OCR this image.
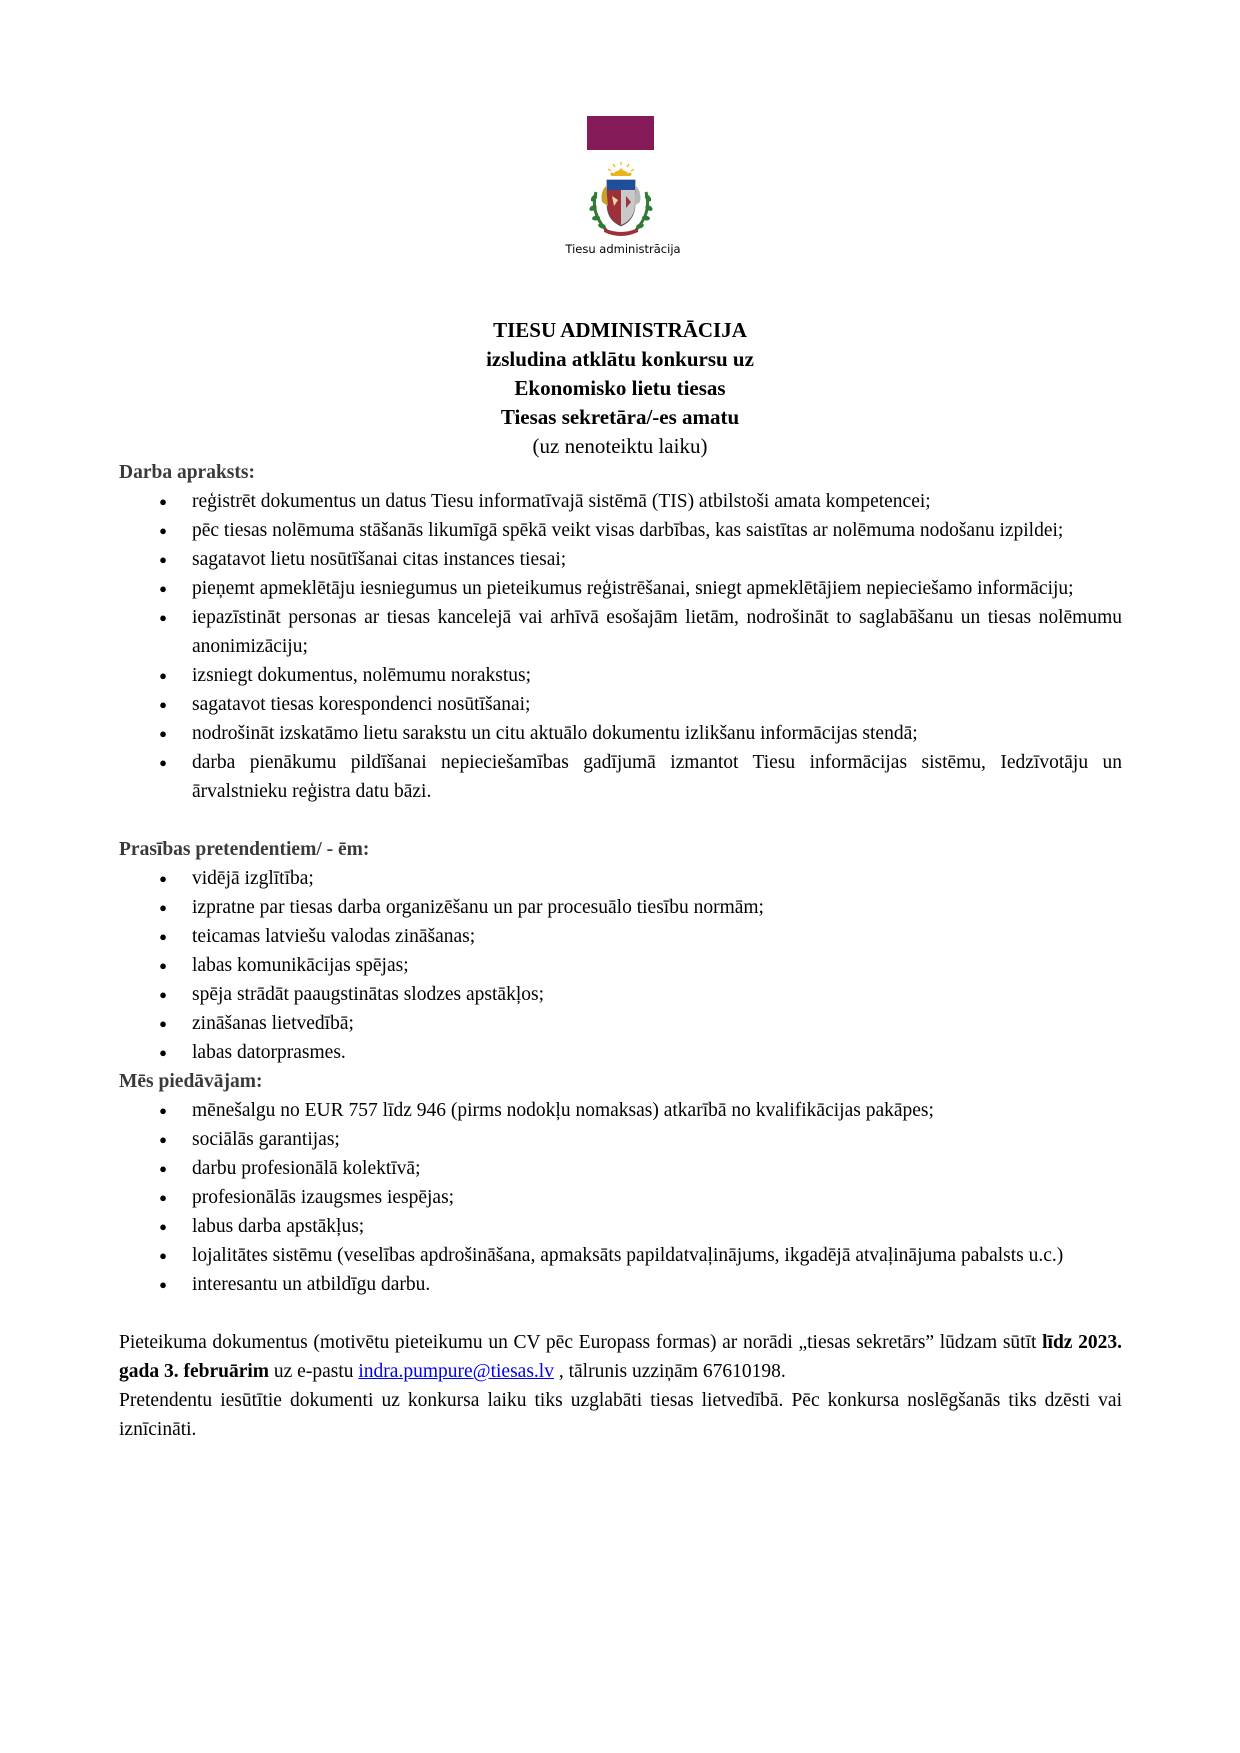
Tiesu administrācija
TIESU ADMINISTRĀCIJA
izsludina atklātu konkursu uz
Ekonomisko lietu tiesas
Tiesas sekretāra/-es amatu
(uz nenoteiktu laiku)

Darba apraksts:

● reģistrēt dokumentus un datus Tiesu informatīvajā sistēmā (TIS) atbilstoši amata kompetencei;
● pēc tiesas nolēmuma stāšanās likumīgā spēkā veikt visas darbības, kas saistītas ar nolēmuma nodošanu izpildei;
● sagatavot lietu nosūtīšanai citas instances tiesai;
● pieņemt apmeklētāju iesniegumus un pieteikumus reģistrēšanai, sniegt apmeklētājiem nepieciešamo informāciju;
● iepazīstināt personas ar tiesas kancelejā vai arhīvā esošajām lietām, nodrošināt to saglabāšanu un tiesas nolēmumu anonimizāciju;
● izsniegt dokumentus, nolēmumu norakstus;
● sagatavot tiesas korespondenci nosūtīšanai;
● nodrošināt izskatāmo lietu sarakstu un citu aktuālo dokumentu izlikšanu informācijas stendā;
● darba pienākumu pildīšanai nepieciešamības gadījumā izmantot Tiesu informācijas sistēmu, Iedzīvotāju un ārvalstnieku reģistra datu bāzi.

Prasības pretendentiem/ - ēm:

● vidējā izglītība;
● izpratne par tiesas darba organizēšanu un par procesuālo tiesību normām;
● teicamas latviešu valodas zināšanas;
● labas komunikācijas spējas;
● spēja strādāt paaugstinātas slodzes apstākļos;
● zināšanas lietvedībā;
● labas datorprasmes.

Mēs piedāvājam:

● mēnešalgu no EUR 757 līdz 946 (pirms nodokļu nomaksas) atkarībā no kvalifikācijas pakāpes;
● sociālās garantijas;
● darbu profesionālā kolektīvā;
● profesionālās izaugsmes iespējas;
● labus darba apstākļus;
● lojalitātes sistēmu (veselības apdrošināšana, apmaksāts papildatvaļinājums, ikgadējā atvaļinājuma pabalsts u.c.)
● interesantu un atbildīgu darbu.

Pieteikuma dokumentus (motivētu pieteikumu un CV pēc Europass formas) ar norādi „tiesas sekretārs” lūdzam sūtīt līdz 2023. gada 3. februārim uz e-pastu indra.pumpure@tiesas.lv , tālrunis uzziņām 67610198.

Pretendentu iesūtītie dokumenti uz konkursa laiku tiks uzglabāti tiesas lietvedībā. Pēc konkursa noslēgšanās tiks dzēsti vai iznīcināti.
